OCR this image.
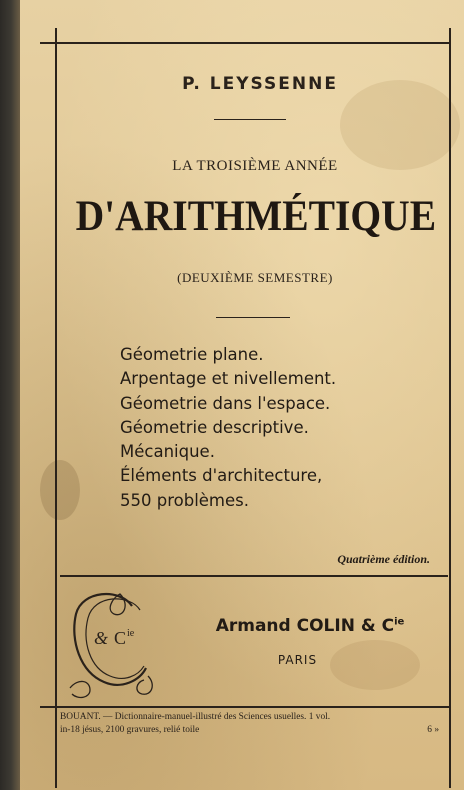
P. LEYSSENNE
LA TROISIÈME ANNÉE
D'ARITHMÉTIQUE
(DEUXIÈME SEMESTRE)
Géometrie plane.
Arpentage et nivellement.
Géometrie dans l'espace.
Géometrie descriptive.
Mécanique.
Éléments d'architecture,
550 problèmes.
Quatrième édition.
& C ie	Armand COLIN & $C^{ie}$
PARIS
BOUANT. — Dictionnaire-manuel-illustré des Sciences usuelles. 1 vol.
in-18 jésus, 2100 gravures, relié toile	6 »
